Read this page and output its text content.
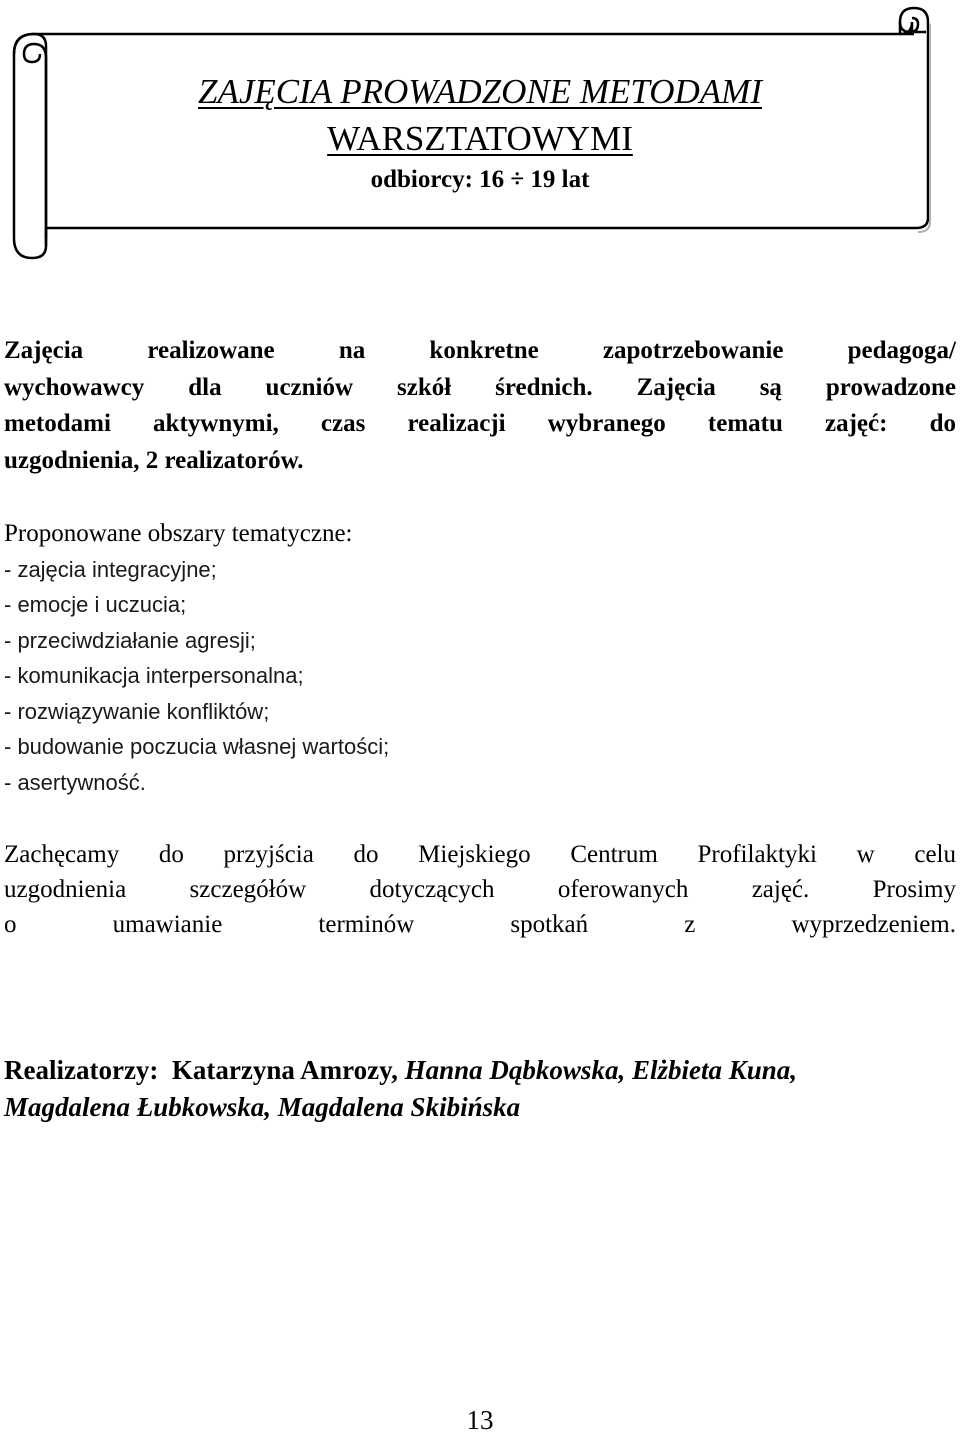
ZAJĘCIA PROWADZONE METODAMI
WARSZTATOWYMI
odbiorcy: 16 ÷ 19 lat
Zajęcia realizowane na konkretne zapotrzebowanie pedagoga/
wychowawcy dla uczniów szkół średnich. Zajęcia są prowadzone
metodami aktywnymi, czas realizacji wybranego tematu zajęć: do
uzgodnienia, 2 realizatorów.
Proponowane obszary tematyczne:
- zajęcia integracyjne;
- emocje i uczucia;
- przeciwdziałanie agresji;
- komunikacja interpersonalna;
- rozwiązywanie konfliktów;
- budowanie poczucia własnej wartości;
- asertywność.
Zachęcamy do przyjścia do Miejskiego Centrum Profilaktyki w celu
uzgodnienia szczegółów dotyczących oferowanych zajęć. Prosimy
o umawianie terminów spotkań z wyprzedzeniem.
Realizatorzy: Katarzyna Amrozy, Hanna Dąbkowska, Elżbieta Kuna,
Magdalena Łubkowska, Magdalena Skibińska
13
